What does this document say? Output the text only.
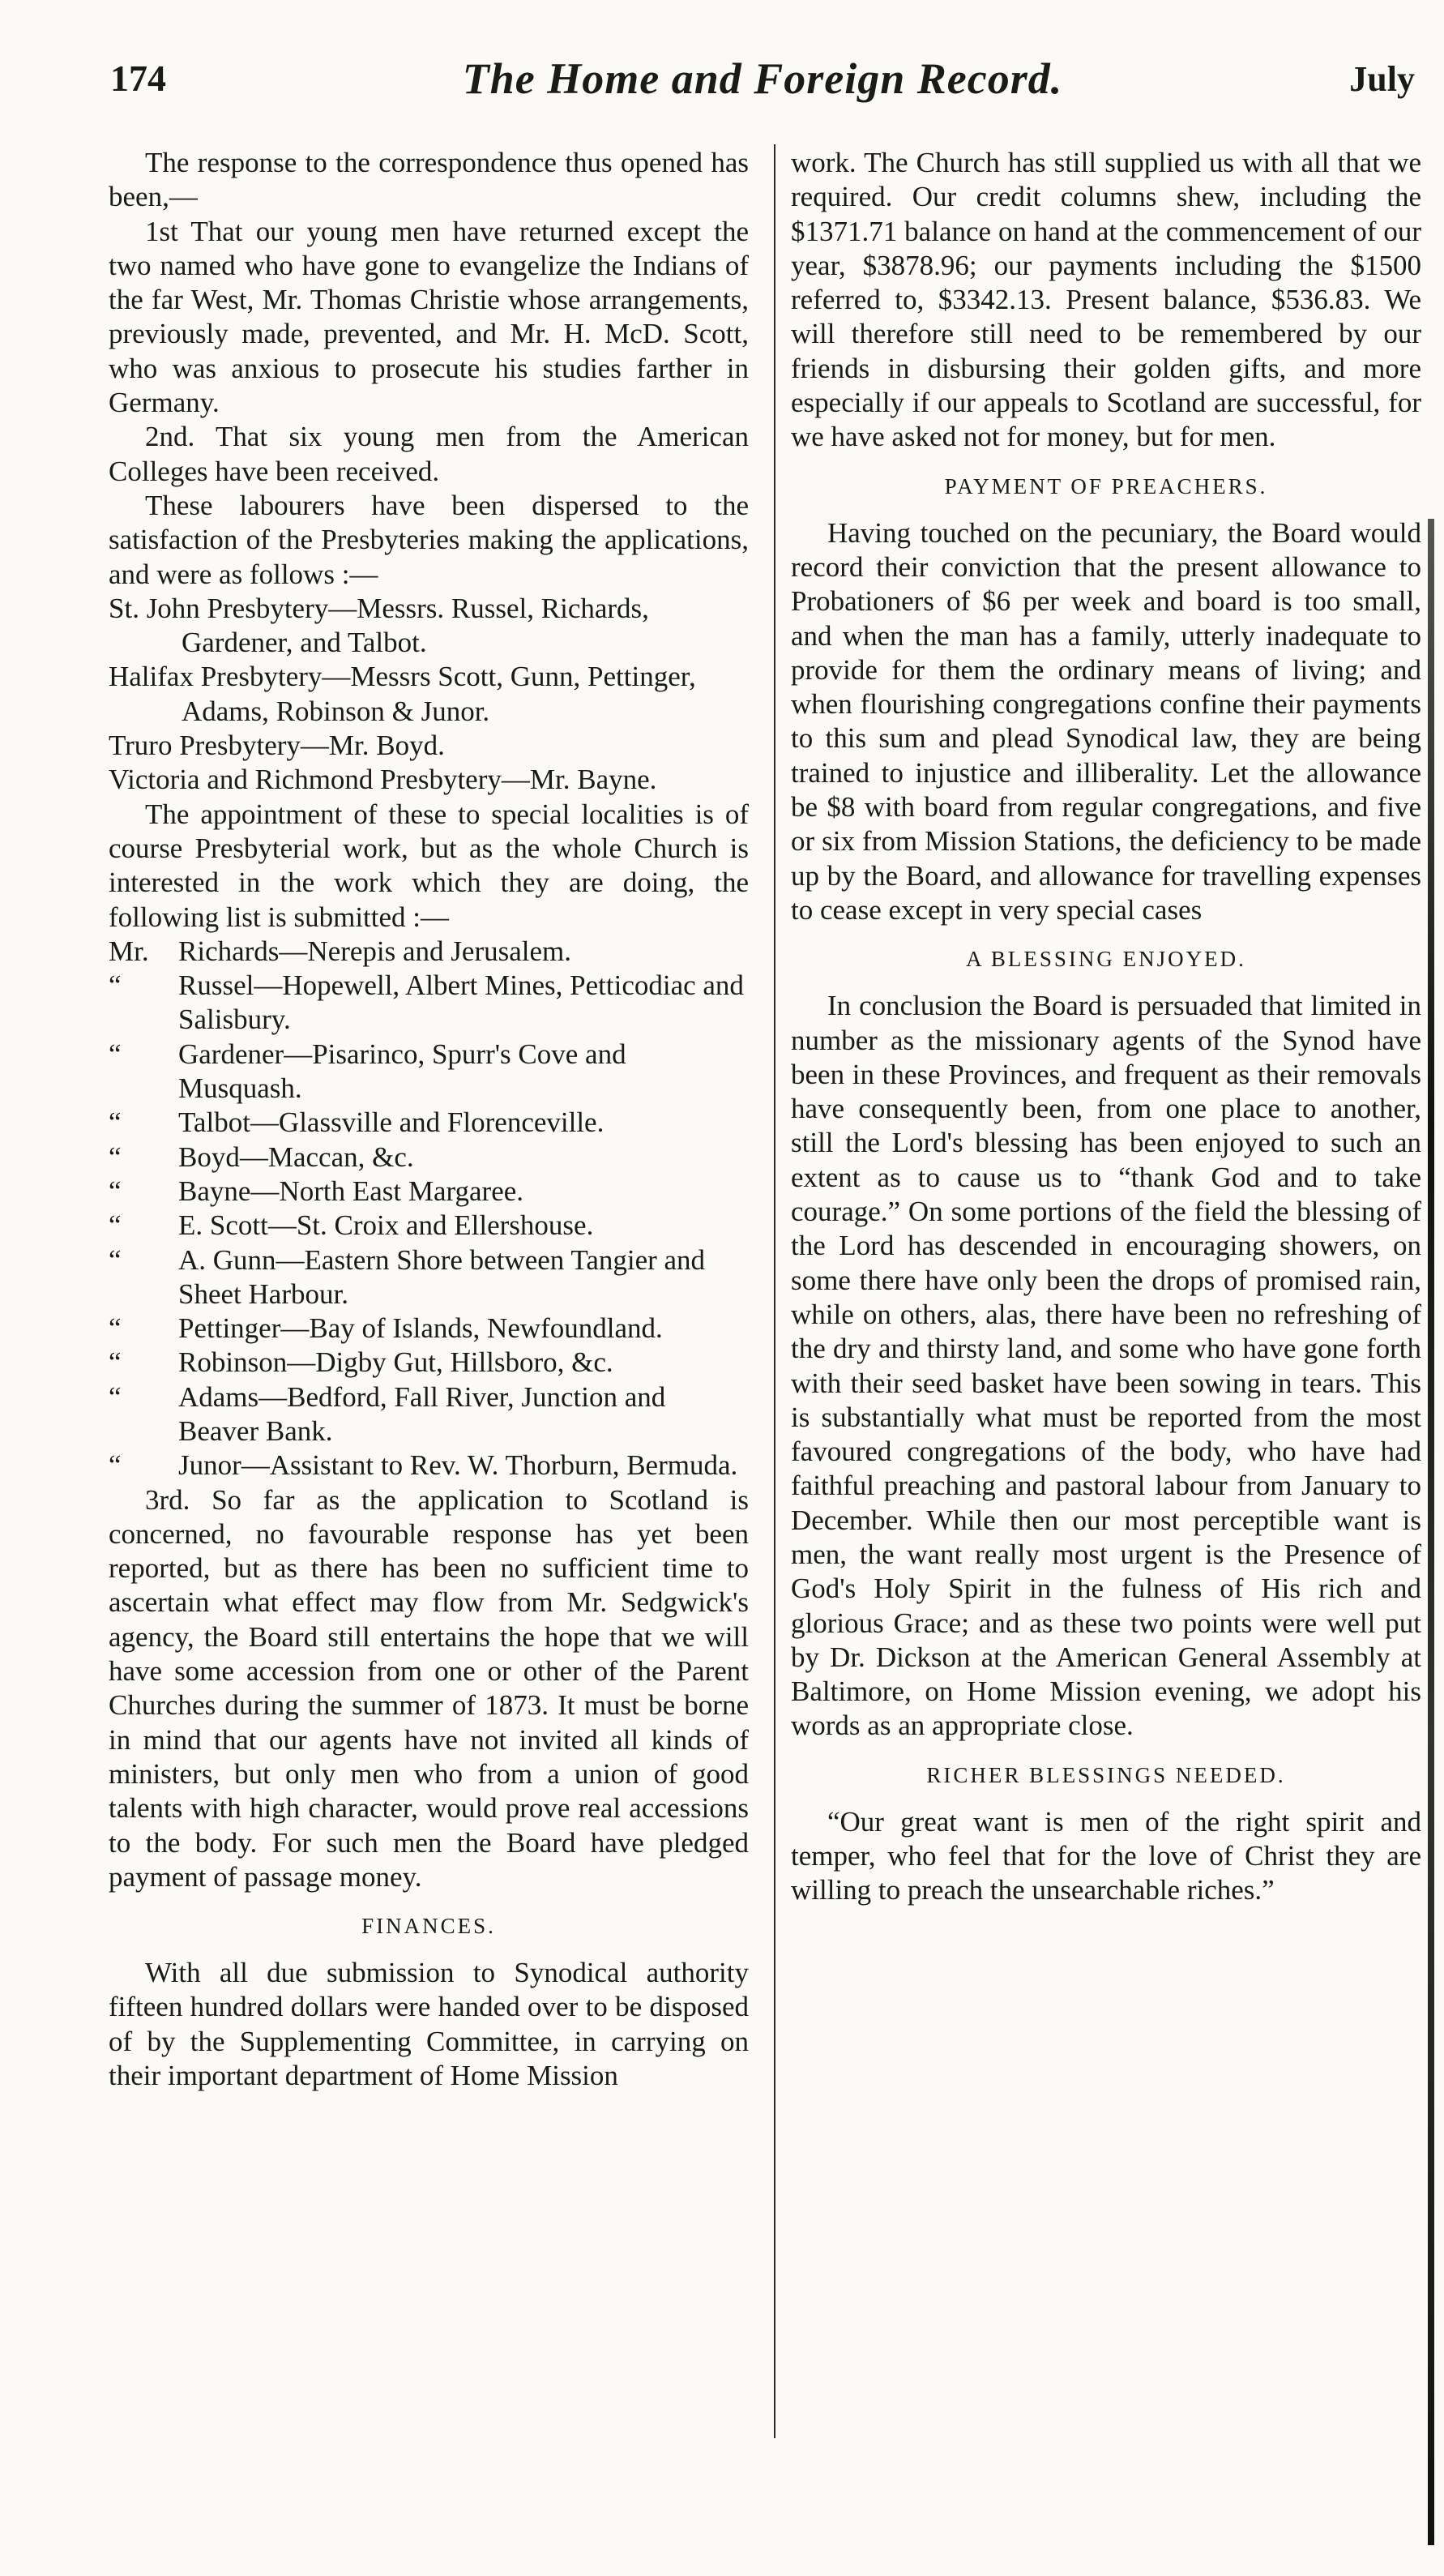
174	The Home and Foreign Record.	July

The response to the correspondence thus opened has been,—

1st That our young men have returned except the two named who have gone to evangelize the Indians of the far West, Mr. Thomas Christie whose arrangements, previously made, prevented, and Mr. H. McD. Scott, who was anxious to prosecute his studies farther in Germany.

2nd. That six young men from the American Colleges have been received.

These labourers have been dispersed to the satisfaction of the Presbyteries making the applications, and were as follows :—

St. John Presbytery—Messrs. Russel, Richards, Gardener, and Talbot.

Halifax Presbytery—Messrs Scott, Gunn, Pettinger, Adams, Robinson & Junor.

Truro Presbytery—Mr. Boyd.

Victoria and Richmond Presbytery—Mr. Bayne.

The appointment of these to special localities is of course Presbyterial work, but as the whole Church is interested in the work which they are doing, the following list is submitted :—

Mr. Richards—Nerepis and Jerusalem.

“ Russel—Hopewell, Albert Mines, Petticodiac and Salisbury.

“ Gardener—Pisarinco, Spurr's Cove and Musquash.

“ Talbot—Glassville and Florenceville.

“ Boyd—Maccan, &c.

“ Bayne—North East Margaree.

“ E. Scott—St. Croix and Ellershouse.

“ A. Gunn—Eastern Shore between Tangier and Sheet Harbour.

“ Pettinger—Bay of Islands, Newfoundland.

“ Robinson—Digby Gut, Hillsboro, &c.

“ Adams—Bedford, Fall River, Junction and Beaver Bank.

“ Junor—Assistant to Rev. W. Thorburn, Bermuda.

3rd. So far as the application to Scotland is concerned, no favourable response has yet been reported, but as there has been no sufficient time to ascertain what effect may flow from Mr. Sedgwick's agency, the Board still entertains the hope that we will have some accession from one or other of the Parent Churches during the summer of 1873. It must be borne in mind that our agents have not invited all kinds of ministers, but only men who from a union of good talents with high character, would prove real accessions to the body. For such men the Board have pledged payment of passage money.

FINANCES.

With all due submission to Synodical authority fifteen hundred dollars were handed over to be disposed of by the Supplementing Committee, in carrying on their important department of Home Mission

work. The Church has still supplied us with all that we required. Our credit columns shew, including the $1371.71 balance on hand at the commencement of our year, $3878.96; our payments including the $1500 referred to, $3342.13. Present balance, $536.83. We will therefore still need to be remembered by our friends in disbursing their golden gifts, and more especially if our appeals to Scotland are successful, for we have asked not for money, but for men.

PAYMENT OF PREACHERS.

Having touched on the pecuniary, the Board would record their conviction that the present allowance to Probationers of $6 per week and board is too small, and when the man has a family, utterly inadequate to provide for them the ordinary means of living; and when flourishing congregations confine their payments to this sum and plead Synodical law, they are being trained to injustice and illiberality. Let the allowance be $8 with board from regular congregations, and five or six from Mission Stations, the deficiency to be made up by the Board, and allowance for travelling expenses to cease except in very special cases

A BLESSING ENJOYED.

In conclusion the Board is persuaded that limited in number as the missionary agents of the Synod have been in these Provinces, and frequent as their removals have consequently been, from one place to another, still the Lord's blessing has been enjoyed to such an extent as to cause us to “thank God and to take courage.” On some portions of the field the blessing of the Lord has descended in encouraging showers, on some there have only been the drops of promised rain, while on others, alas, there have been no refreshing of the dry and thirsty land, and some who have gone forth with their seed basket have been sowing in tears. This is substantially what must be reported from the most favoured congregations of the body, who have had faithful preaching and pastoral labour from January to December. While then our most perceptible want is men, the want really most urgent is the Presence of God's Holy Spirit in the fulness of His rich and glorious Grace; and as these two points were well put by Dr. Dickson at the American General Assembly at Baltimore, on Home Mission evening, we adopt his words as an appropriate close.

RICHER BLESSINGS NEEDED.

“Our great want is men of the right spirit and temper, who feel that for the love of Christ they are willing to preach the unsearchable riches.”
